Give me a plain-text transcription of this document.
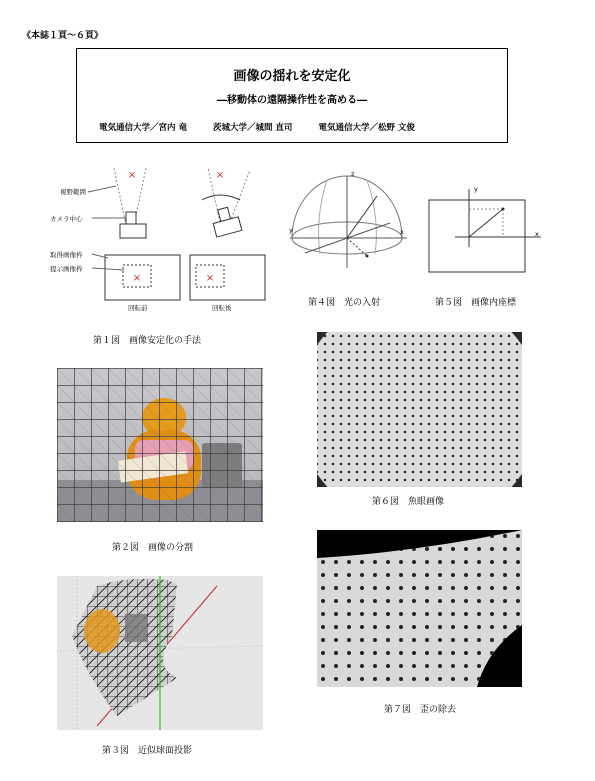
《本誌１頁〜６頁》
画像の揺れを安定化
―移動体の遠隔操作性を高める―
電気通信大学／宮内 竜	茨城大学／城間 直司	電気通信大学／松野 文俊
×
×
×
×
視野範囲
カメラ中心
取得画像枠
提示画像枠
回転前	回転後
第１図　画像安定化の手法
z
x
y
第４図　光の入射
y
x
第５図　画像内座標
第６図　魚眼画像
第２図　画像の分割
第７図　歪の除去
第３図　近似球面投影
